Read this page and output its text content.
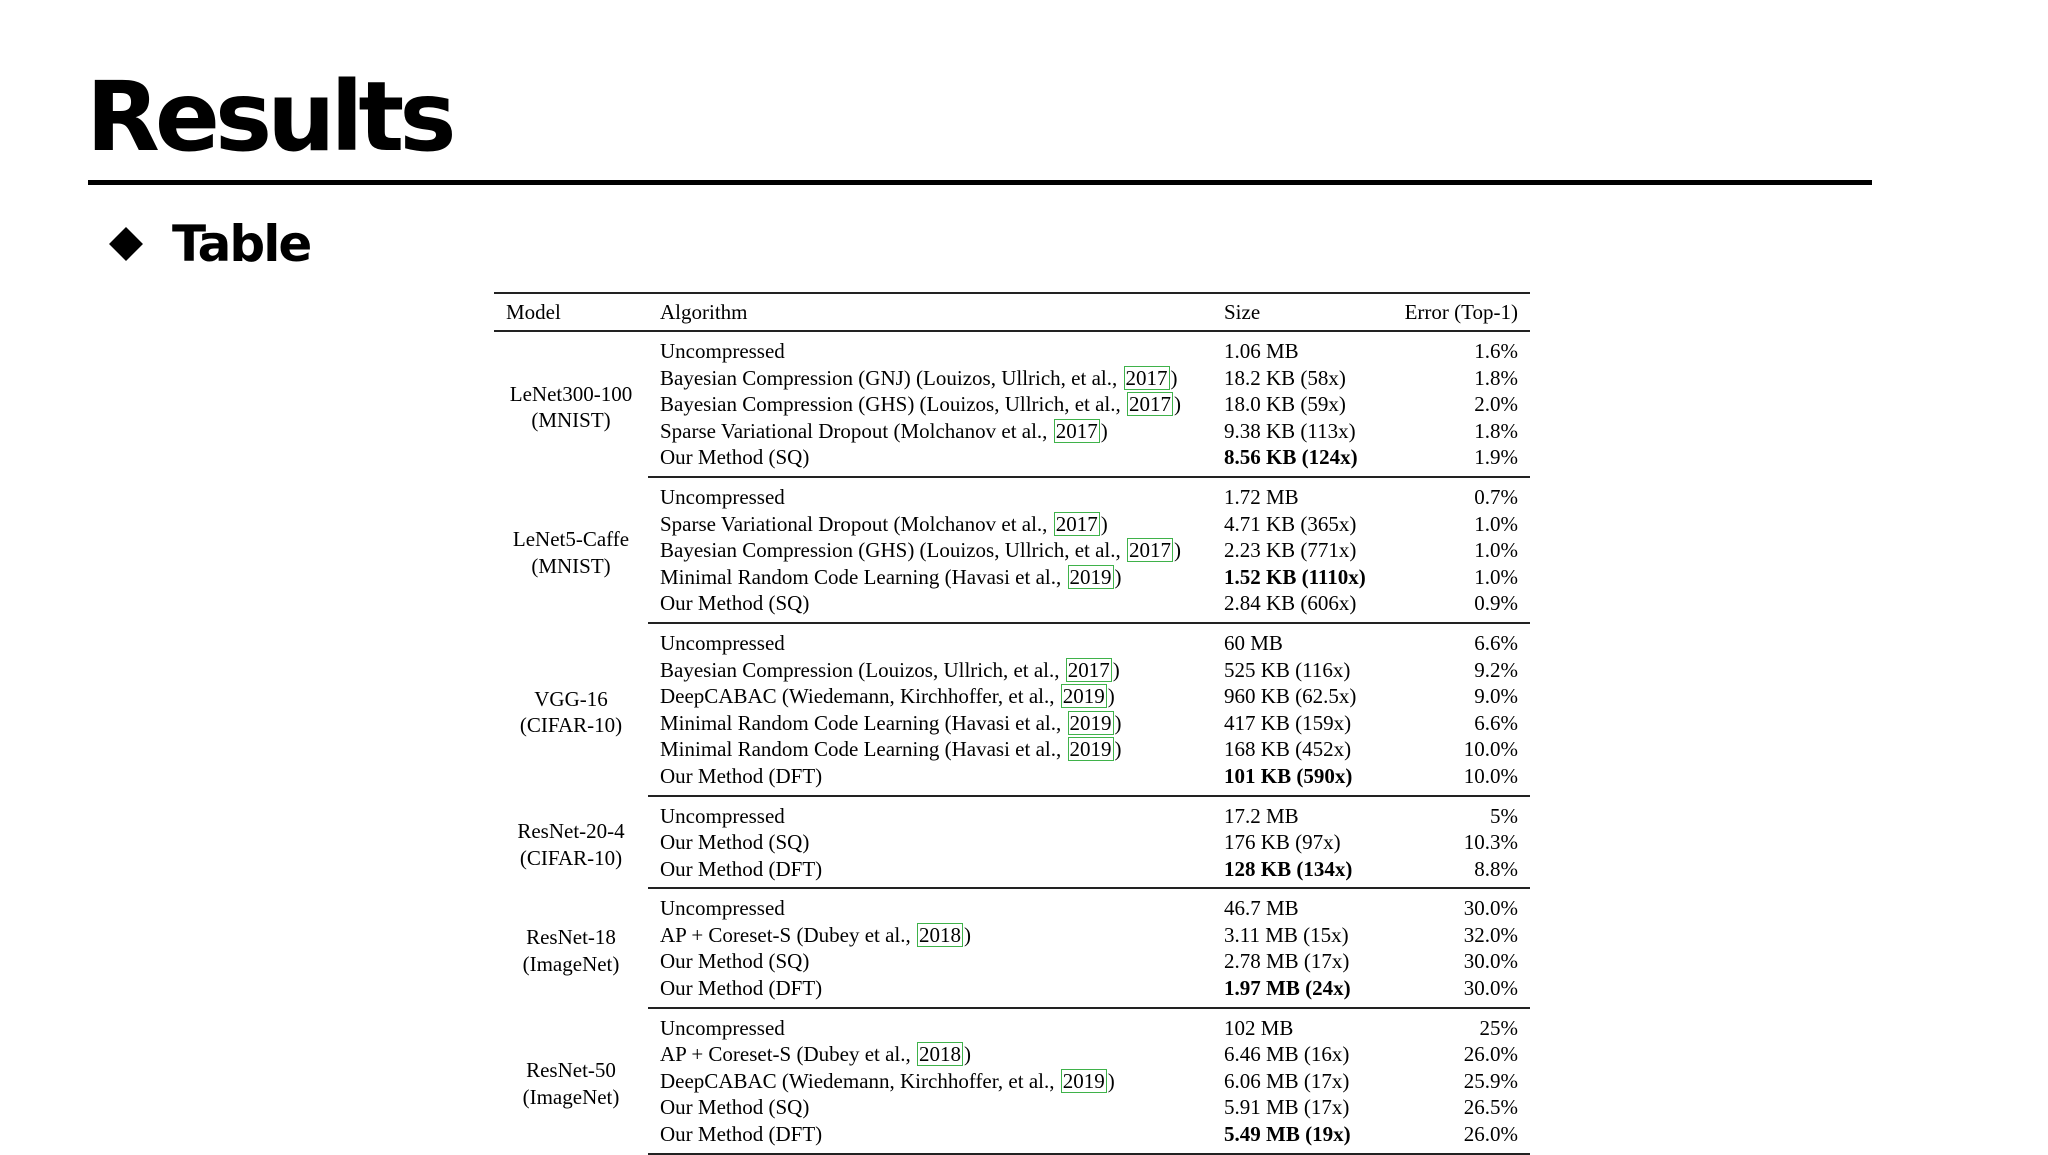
Results
Table
Model	Algorithm	Size	Error (Top-1)

LeNet300-100
(MNIST)	Uncompressed	1.06 MB	1.6%
	Bayesian Compression (GNJ) (Louizos, Ullrich, et al., 2017 )	18.2 KB (58x)	1.8%
	Bayesian Compression (GHS) (Louizos, Ullrich, et al., 2017 )	18.0 KB (59x)	2.0%
	Sparse Variational Dropout (Molchanov et al., 2017 )	9.38 KB (113x)	1.8%
	Our Method (SQ)	8.56 KB (124x)	1.9%

LeNet5-Caffe
(MNIST)	Uncompressed	1.72 MB	0.7%
	Sparse Variational Dropout (Molchanov et al., 2017 )	4.71 KB (365x)	1.0%
	Bayesian Compression (GHS) (Louizos, Ullrich, et al., 2017 )	2.23 KB (771x)	1.0%
	Minimal Random Code Learning (Havasi et al., 2019 )	1.52 KB (1110x)	1.0%
	Our Method (SQ)	2.84 KB (606x)	0.9%

VGG-16
(CIFAR-10)	Uncompressed	60 MB	6.6%
	Bayesian Compression (Louizos, Ullrich, et al., 2017 )	525 KB (116x)	9.2%
	DeepCABAC (Wiedemann, Kirchhoffer, et al., 2019 )	960 KB (62.5x)	9.0%
	Minimal Random Code Learning (Havasi et al., 2019 )	417 KB (159x)	6.6%
	Minimal Random Code Learning (Havasi et al., 2019 )	168 KB (452x)	10.0%
	Our Method (DFT)	101 KB (590x)	10.0%

ResNet-20-4
(CIFAR-10)	Uncompressed	17.2 MB	5%
	Our Method (SQ)	176 KB (97x)	10.3%
	Our Method (DFT)	128 KB (134x)	8.8%

ResNet-18
(ImageNet)	Uncompressed	46.7 MB	30.0%
	AP + Coreset-S (Dubey et al., 2018 )	3.11 MB (15x)	32.0%
	Our Method (SQ)	2.78 MB (17x)	30.0%
	Our Method (DFT)	1.97 MB (24x)	30.0%

ResNet-50
(ImageNet)	Uncompressed	102 MB	25%
	AP + Coreset-S (Dubey et al., 2018 )	6.46 MB (16x)	26.0%
	DeepCABAC (Wiedemann, Kirchhoffer, et al., 2019 )	6.06 MB (17x)	25.9%
	Our Method (SQ)	5.91 MB (17x)	26.5%
	Our Method (DFT)	5.49 MB (19x)	26.0%
